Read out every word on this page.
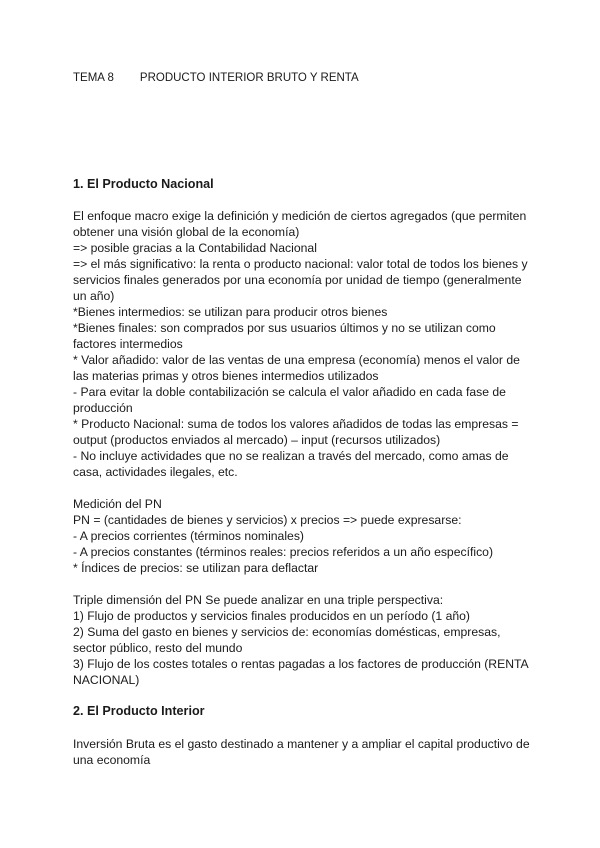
TEMA 8 PRODUCTO INTERIOR BRUTO Y RENTA
1. El Producto Nacional
El enfoque macro exige la definición y medición de ciertos agregados (que permiten
obtener una visión global de la economía)
=> posible gracias a la Contabilidad Nacional
=> el más significativo: la renta o producto nacional: valor total de todos los bienes y
servicios finales generados por una economía por unidad de tiempo (generalmente
un año)
*Bienes intermedios: se utilizan para producir otros bienes
*Bienes finales: son comprados por sus usuarios últimos y no se utilizan como
factores intermedios
* Valor añadido: valor de las ventas de una empresa (economía) menos el valor de
las materias primas y otros bienes intermedios utilizados
- Para evitar la doble contabilización se calcula el valor añadido en cada fase de
producción
* Producto Nacional: suma de todos los valores añadidos de todas las empresas =
output (productos enviados al mercado) – input (recursos utilizados)
- No incluye actividades que no se realizan a través del mercado, como amas de
casa, actividades ilegales, etc.
Medición del PN
PN = (cantidades de bienes y servicios) x precios => puede expresarse:
- A precios corrientes (términos nominales)
- A precios constantes (términos reales: precios referidos a un año específico)
* Índices de precios: se utilizan para deflactar
Triple dimensión del PN Se puede analizar en una triple perspectiva:
1) Flujo de productos y servicios finales producidos en un período (1 año)
2) Suma del gasto en bienes y servicios de: economías domésticas, empresas,
sector público, resto del mundo
3) Flujo de los costes totales o rentas pagadas a los factores de producción (RENTA
NACIONAL)
2. El Producto Interior
Inversión Bruta es el gasto destinado a mantener y a ampliar el capital productivo de
una economía
